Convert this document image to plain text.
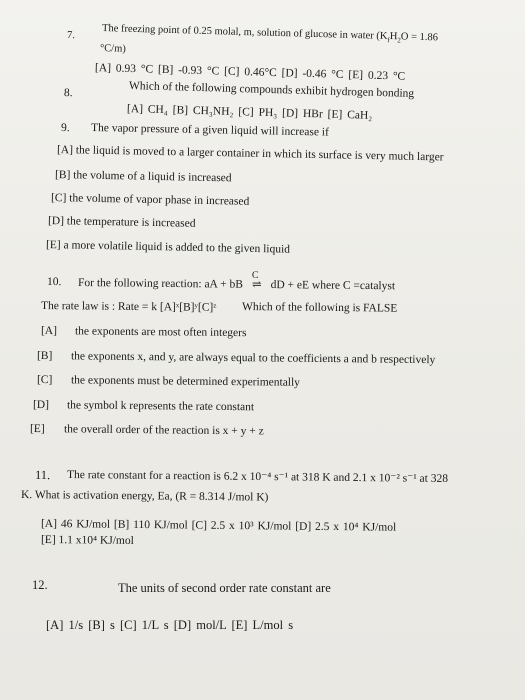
7.	The freezing point of 0.25 molal, m, solution of glucose in water ($K_fH_2O = 1.86$
°C/m)
[A] 0.93 °C [B] -0.93 °C [C] 0.46°C [D] -0.46 °C [E] 0.23 °C
8.	Which of the following compounds exhibit hydrogen bonding
[A] CH₄ [B] CH₃NH₂ [C] PH₃ [D] HBr [E] CaH₂
9. The vapor pressure of a given liquid will increase if
[A] the liquid is moved to a larger container in which its surface is very much larger
[B] the volume of a liquid is increased
[C] the volume of vapor phase in increased
[D] the temperature is increased
[E] a more volatile liquid is added to the given liquid
10. For the following reaction: aA + bB
C
⇌ dD + eE where C =catalyst
The rate law is : Rate = k [A]ˣ[B]ʸ[C]ᶻ Which of the following is FALSE
[A] the exponents are most often integers
[B] the exponents x, and y, are always equal to the coefficients a and b respectively
[C] the exponents must be determined experimentally
[D] the symbol k represents the rate constant
[E] the overall order of the reaction is x + y + z
11. The rate constant for a reaction is 6.2 x 10⁻⁴ s⁻¹ at 318 K and 2.1 x 10⁻² s⁻¹ at 328
K. What is activation energy, Ea, (R = 8.314 J/mol K)
[A] 46 KJ/mol [B] 110 KJ/mol [C] 2.5 x 10³ KJ/mol [D] 2.5 x 10⁴ KJ/mol
[E] 1.1 x10⁴ KJ/mol
12.	The units of second order rate constant are
[A] 1/s [B] s [C] 1/L s [D] mol/L [E] L/mol s
